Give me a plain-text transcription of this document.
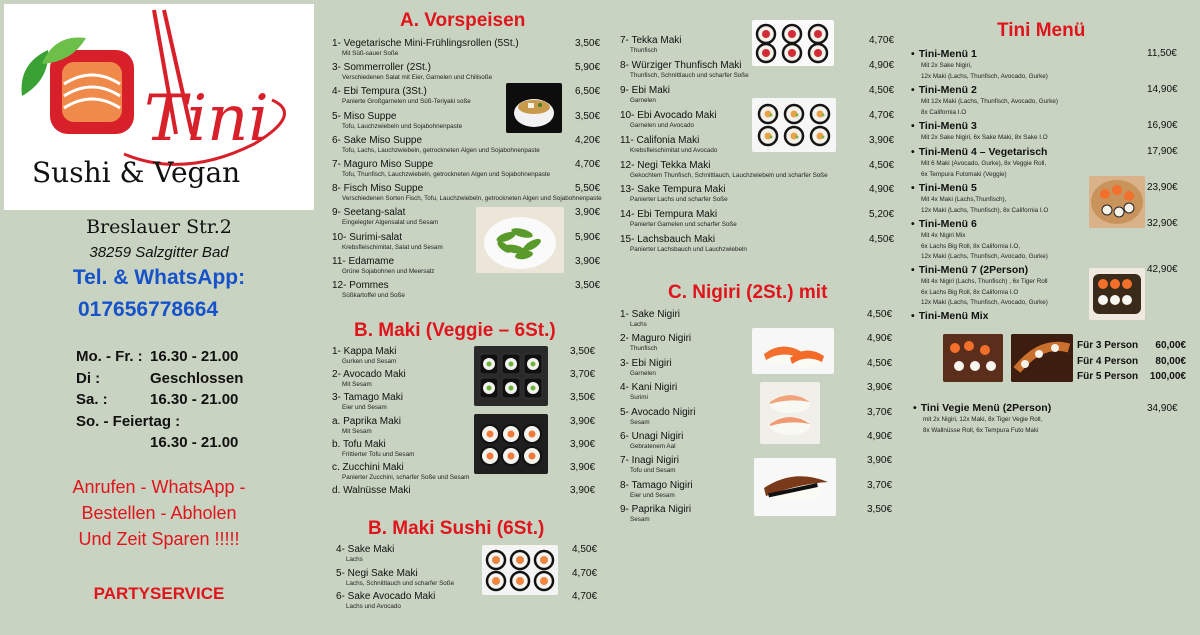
Tini
Sushi & Vegan
Breslauer Str.2
38259 Salzgitter Bad
Tel. & WhatsApp:
017656778664
Mo. - Fr. : 16.30 - 21.00
Di :	Geschlossen
Sa. :	16.30 - 21.00
So. - Feiertag :
16.30 - 21.00
Anrufen - WhatsApp -
Bestellen - Abholen
Und Zeit Sparen !!!!!
PARTYSERVICE
A. Vorspeisen
1- Vegetarische Mini-Frühlingsrollen (5St.)
Mit Süß-sauer Soße
3,50€
3- Sommerroller (2St.)
Verschiedenen Salat mit Eier, Garnelen und Chilisoße
5,90€
4- Ebi Tempura (3St.)
Panierte Großgarnelen und Süß-Teriyaki soße
6,50€
5- Miso Suppe
Tofu, Lauchzwiebeln und Sojabohnenpaste
3,50€
6- Sake Miso Suppe
Tofu, Lachs, Lauchzwiebeln, getrockneten Algen und Sojabohnenpaste
4,20€
7- Maguro Miso Suppe
Tofu, Thunfisch, Lauchzwiebeln, getrockneten Algen und Sojabohnenpaste
4,70€
8- Fisch Miso Suppe
Verschiedenen Sorten Fisch, Tofu, Lauchzwiebeln, getrockneten Algen und Sojabohnenpaste
5,50€
9- Seetang-salat
Eingelegter Algensalat und Sesam
3,90€
10- Surimi-salat
Krebsfleischimitat, Salat und Sesam
5,90€
11- Edamame
Grüne Sojabohnen und Meersalz
3,90€
12- Pommes
Süßkartoffel und Soße
3,50€
B. Maki (Veggie – 6St.)
1- Kappa Maki
Gurken und Sesam
3,50€
2- Avocado Maki
Mit Sesam
3,70€
3- Tamago Maki
Eier und Sesam
3,50€
a. Paprika Maki
Mit Sesam
3,90€
b. Tofu Maki
Frittierter Tofu und Sesam
3,90€
c. Zucchini Maki
Panierter Zucchini, scharfer Soße und Sesam
3,90€
d. Walnüsse Maki	3,90€
B. Maki Sushi (6St.)
4- Sake Maki
Lachs
4,50€
5- Negi Sake Maki
Lachs, Schnittlauch und scharfer Soße
4,70€
6- Sake Avocado Maki
Lachs und Avocado
4,70€
7- Tekka Maki
Thunfisch
4,70€
8- Würziger Thunfisch Maki
Thunfisch, Schnittlauch und scharfer Soße
4,90€
9- Ebi Maki
Garnelen
4,50€
10- Ebi Avocado Maki
Garnelen und Avocado
4,70€
11- Califonia Maki
Krebsfleischimitat und Avocado
3,90€
12- Negi Tekka Maki
Gekochtem Thunfisch, Schnittlauch, Lauchzwiebeln und scharfer Soße
4,50€
13- Sake Tempura Maki
Panierter Lachs und scharfer Soße
4,90€
14- Ebi Tempura Maki
Panierter Garnelen und scharfer Soße
5,20€
15- Lachsbauch Maki
Panierter Lachsbauch und Lauchzwiebeln
4,50€
C. Nigiri (2St.) mit
1- Sake Nigiri
Lachs
4,50€
2- Maguro Nigiri
Thunfisch
4,90€
3- Ebi Nigiri
Garnelen
4,50€
4- Kani Nigiri
Surimi
3,90€
5- Avocado Nigiri
Sesam
3,70€
6- Unagi Nigiri
Gebratenem Aal
4,90€
7- Inagi Nigiri
Tofu und Sesam
3,90€
8- Tamago Nigiri
Eier und Sesam
3,70€
9- Paprika Nigiri
Sesam
3,50€
Tini Menü
• Tini-Menü 1
Mit 2x Sake Nigiri,
12x Maki (Lachs, Thunfisch, Avocado, Gurke)
11,50€
• Tini-Menü 2
Mit 12x Maki (Lachs, Thunfisch, Avocado, Gurke)
8x California I.O
14,90€
• Tini-Menü 3
Mit 2x Sake Nigiri, 6x Sake Maki, 8x Sake I.O
16,90€
• Tini-Menü 4 – Vegetarisch
Mit 6 Maki (Avocado, Gurke), 8x Veggie Roll,
6x Tempura Futomaki (Veggie)
17,90€
• Tini-Menü 5
Mit 4x Maki (Lachs,Thunfisch),
12x Maki (Lachs, Thunfisch), 8x California I.O
23,90€
• Tini-Menü 6
Mit 4x Nigiri Mix
6x Lachs Big Roll, 8x California I.O,
12x Maki (Lachs, Thunfisch, Avocado, Gurke)
32,90€
• Tini-Menü 7 (2Person)
Mit 4x Nigiri (Lachs, Thunfisch) , 6x Tiger Roll
6x Lachs Big Roll, 8x California I.O
12x Maki (Lachs, Thunfisch, Avocado, Gurke)
42,90€
• Tini-Menü Mix
Für 3 Person 60,00€
Für 4 Person 80,00€
Für 5 Person 100,00€
• Tini Vegie Menü (2Person)
mit 2x Nigiri, 12x Maki, 8x Tiger Vegie Roll,
8x Wallnüsse Roll, 6x Tempura Futo Maki
34,90€
